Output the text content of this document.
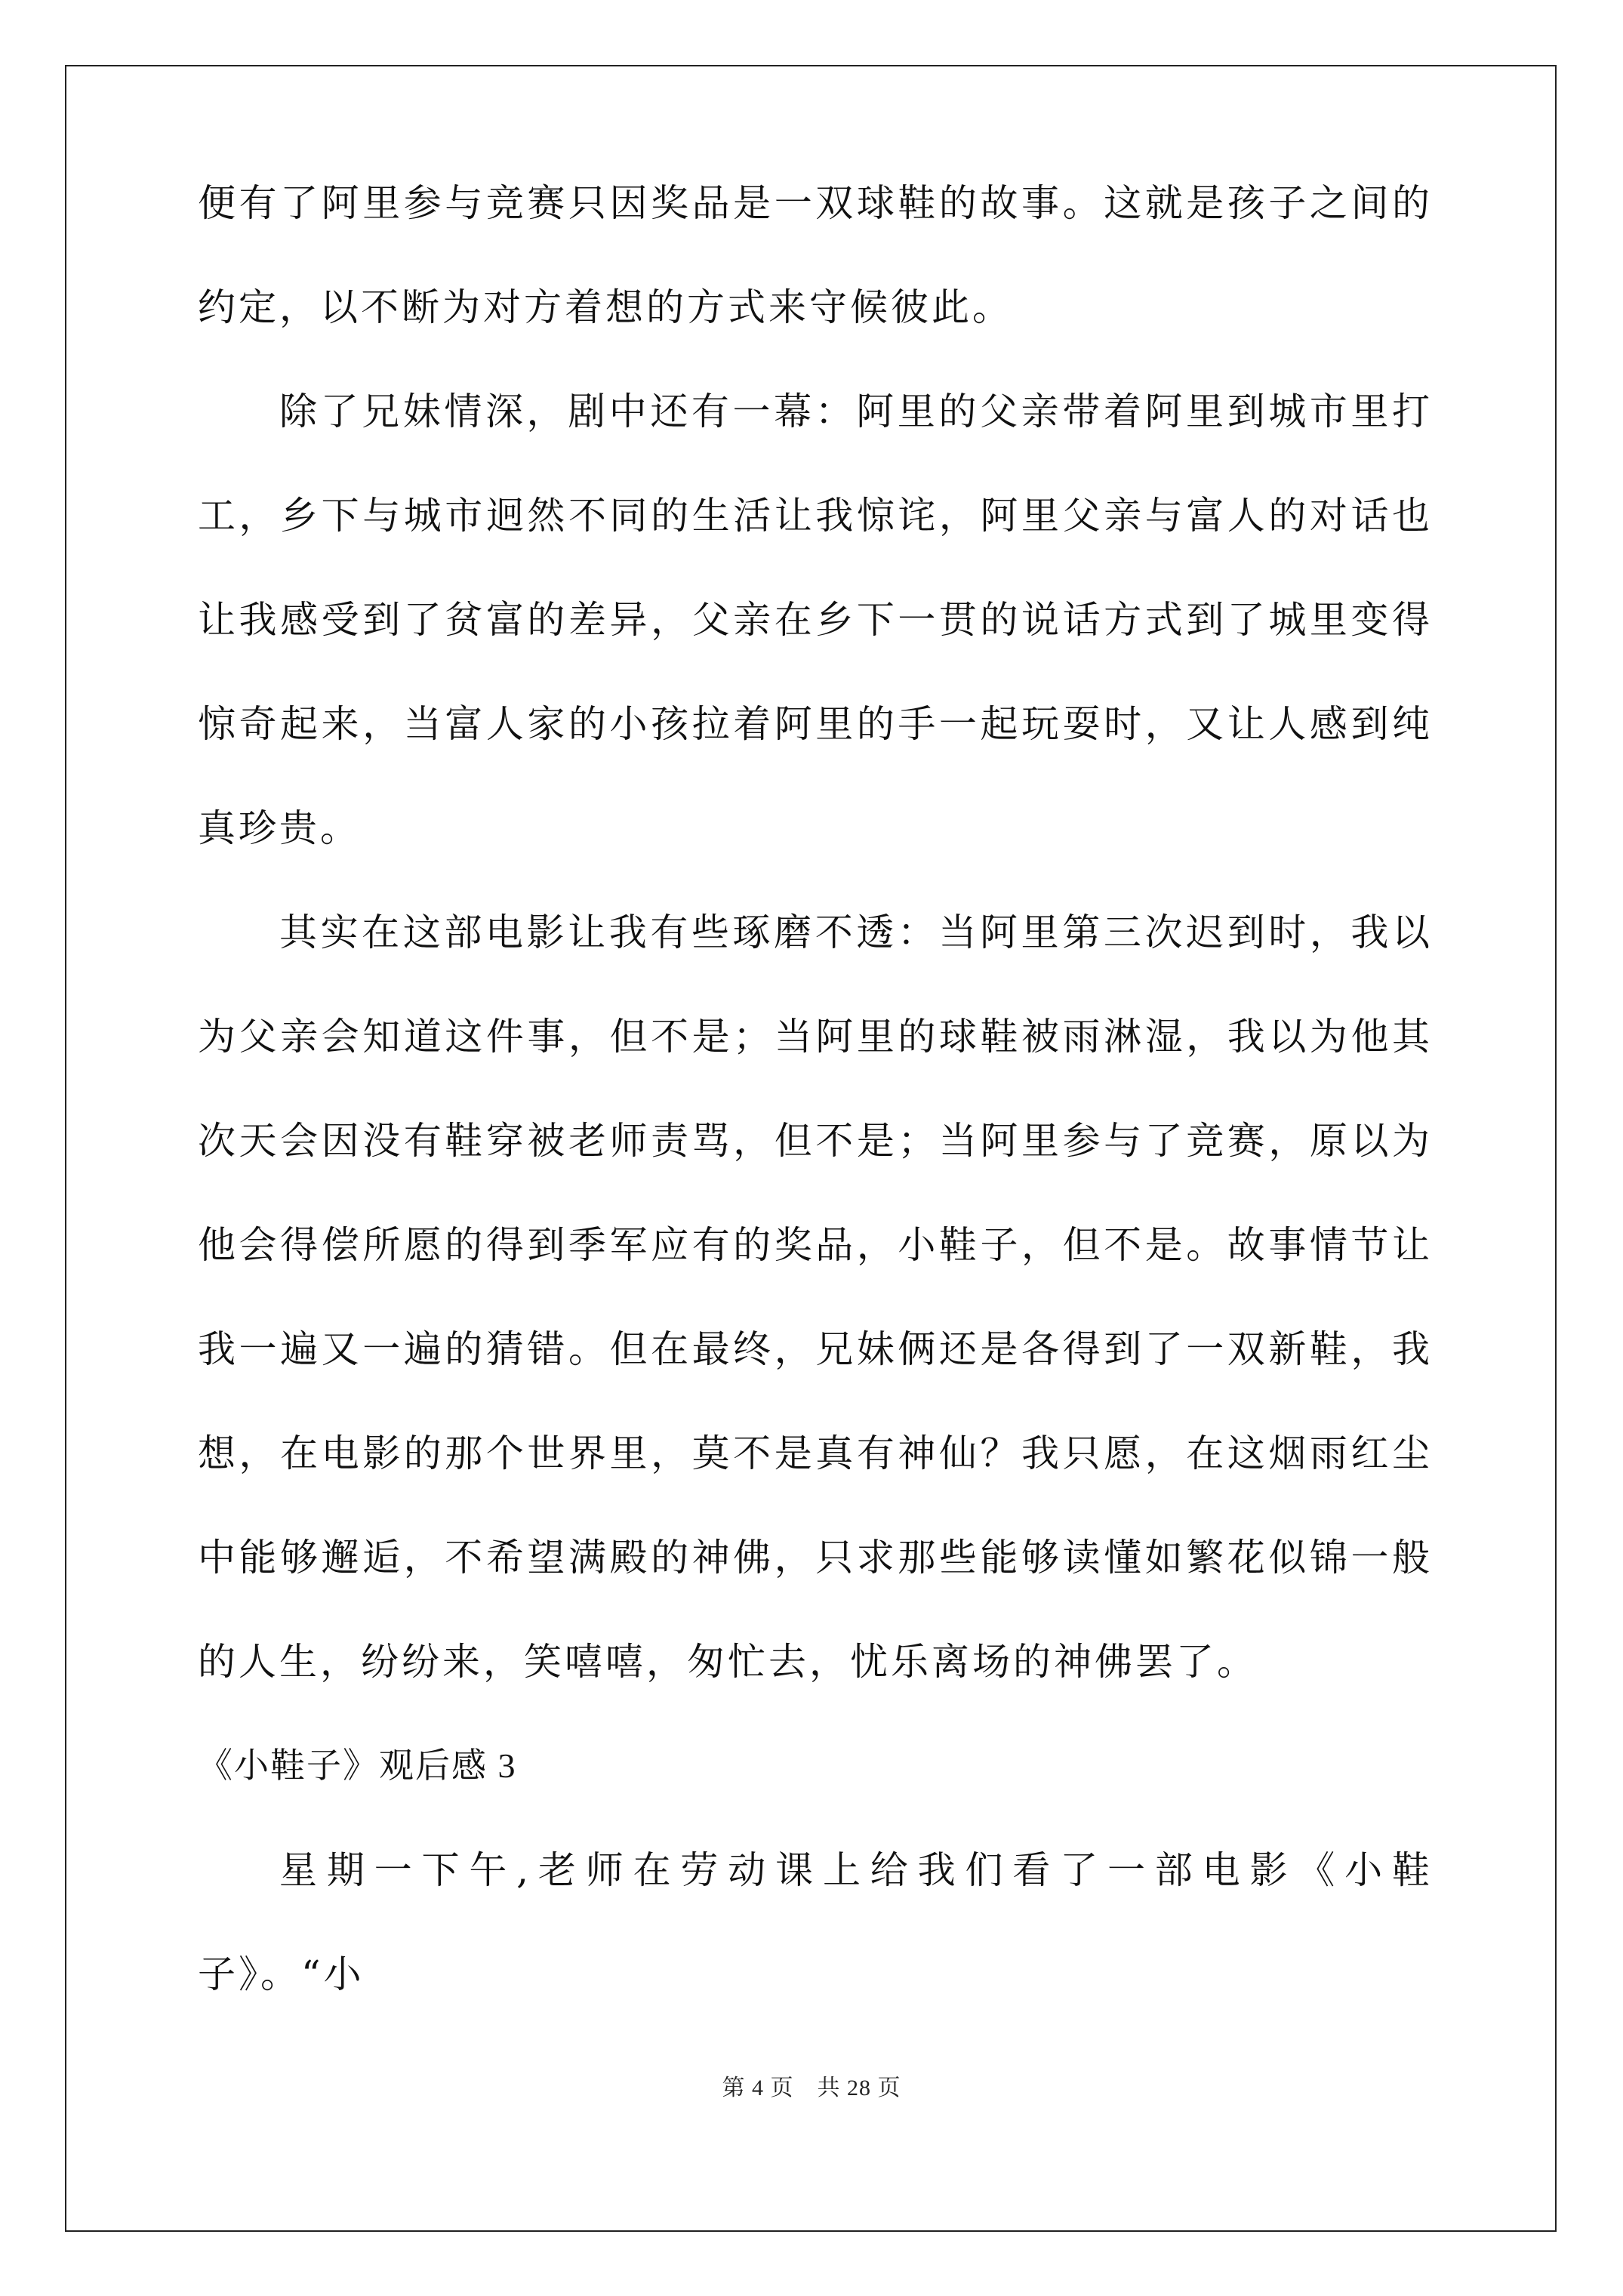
便有了阿里参与竞赛只因奖品是一双球鞋的故事。这就是孩子之间的约定，以不断为对方着想的方式来守候彼此。

除了兄妹情深，剧中还有一幕：阿里的父亲带着阿里到城市里打工，乡下与城市迥然不同的生活让我惊诧，阿里父亲与富人的对话也让我感受到了贫富的差异，父亲在乡下一贯的说话方式到了城里变得惊奇起来，当富人家的小孩拉着阿里的手一起玩耍时，又让人感到纯真珍贵。

其实在这部电影让我有些琢磨不透：当阿里第三次迟到时，我以为父亲会知道这件事，但不是；当阿里的球鞋被雨淋湿，我以为他其次天会因没有鞋穿被老师责骂，但不是；当阿里参与了竞赛，原以为他会得偿所愿的得到季军应有的奖品，小鞋子，但不是。故事情节让我一遍又一遍的猜错。但在最终，兄妹俩还是各得到了一双新鞋，我想，在电影的那个世界里，莫不是真有神仙？我只愿，在这烟雨红尘中能够邂逅，不希望满殿的神佛，只求那些能够读懂如繁花似锦一般的人生，纷纷来，笑嘻嘻，匆忙去，忧乐离场的神佛罢了。

《小鞋子》观后感 3

星期一下午,老师在劳动课上给我们看了一部电影《小鞋子》。“小

第 4 页　共 28 页
